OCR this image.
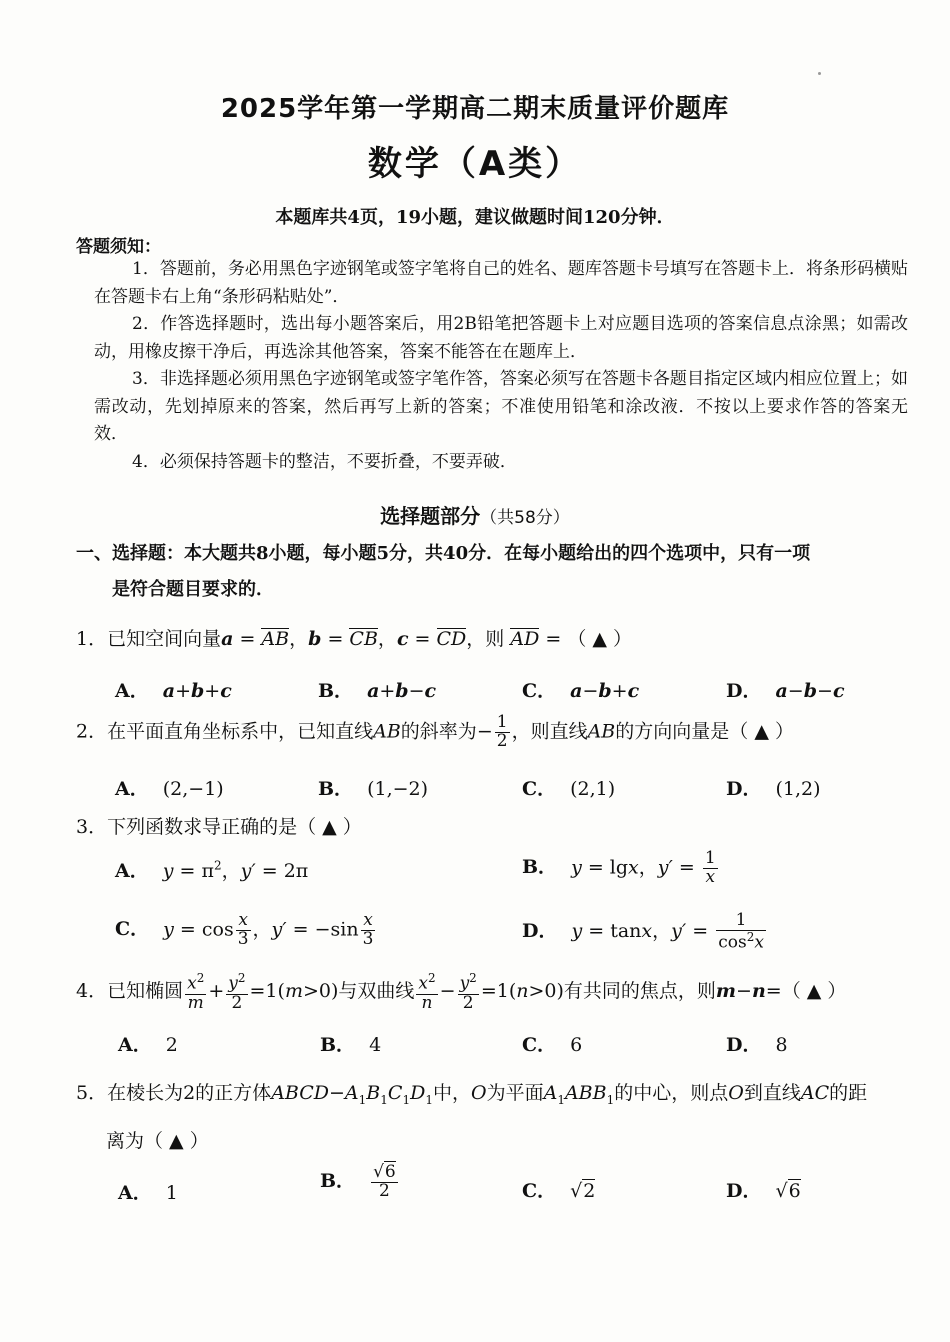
2025学年第一学期高二期末质量评价题库
数学（A类）
本题库共4页，19小题，建议做题时间120分钟．
答题须知：
1．答题前，务必用黑色字迹钢笔或签字笔将自己的姓名、题库答题卡号填写在答题卡上．将条形码横贴在答题卡右上角“条形码粘贴处”．
2．作答选择题时，选出每小题答案后，用2B铅笔把答题卡上对应题目选项的答案信息点涂黑；如需改动，用橡皮擦干净后，再选涂其他答案，答案不能答在在题库上．
3．非选择题必须用黑色字迹钢笔或签字笔作答，答案必须写在答题卡各题目指定区域内相应位置上；如需改动，先划掉原来的答案，然后再写上新的答案；不准使用铅笔和涂改液．不按以上要求作答的答案无效．
4．必须保持答题卡的整洁，不要折叠，不要弄破．
选择题部分（共58分）
一、选择题：本大题共8小题，每小题5分，共40分．在每小题给出的四个选项中，只有一项
是符合题目要求的．
1．已知空间向量a = AB，b = CB，c = CD，则 AD = （ ▲ ）
A． a+b+c	B． a+b−c	C． a−b+c	D． a−b−c
2．在平面直角坐标系中，已知直线AB的斜率为− $\frac{1}{2}$ ，则直线AB的方向向量是（ ▲ ）
A． (2,−1)	B． (1,−2)	C． (2,1)	D． (1,2)
3．下列函数求导正确的是（ ▲ ）
A． $y = \pi^2$，y′ = 2π	B． y = lgx，$y' = \frac{1}{x}$
C． $y = \cos \frac{x}{3}$ ，$y' = -\sin \frac{x}{3}$	D． y = tanx，$y' = \frac{1}{\cos^2x}$
4．已知椭圆 $\frac{x^2}{m} + \frac{y^2}{2} =1(m>0)$与双曲线 $\frac{x^2}{n} - \frac{y^2}{2} =1(n>0)$有共同的焦点，则m−n=（ ▲ ）
A． 2	B． 4	C． 6	D． 8
5．在棱长为2的正方体$ABCD-A_1B_1C_1D_1$中，O为平面$A_1ABB_1$的中心，则点O到直线AC的距
离为（ ▲ ）
A． 1
B． $\frac{√6}{2}$	C． √2	D． √6
